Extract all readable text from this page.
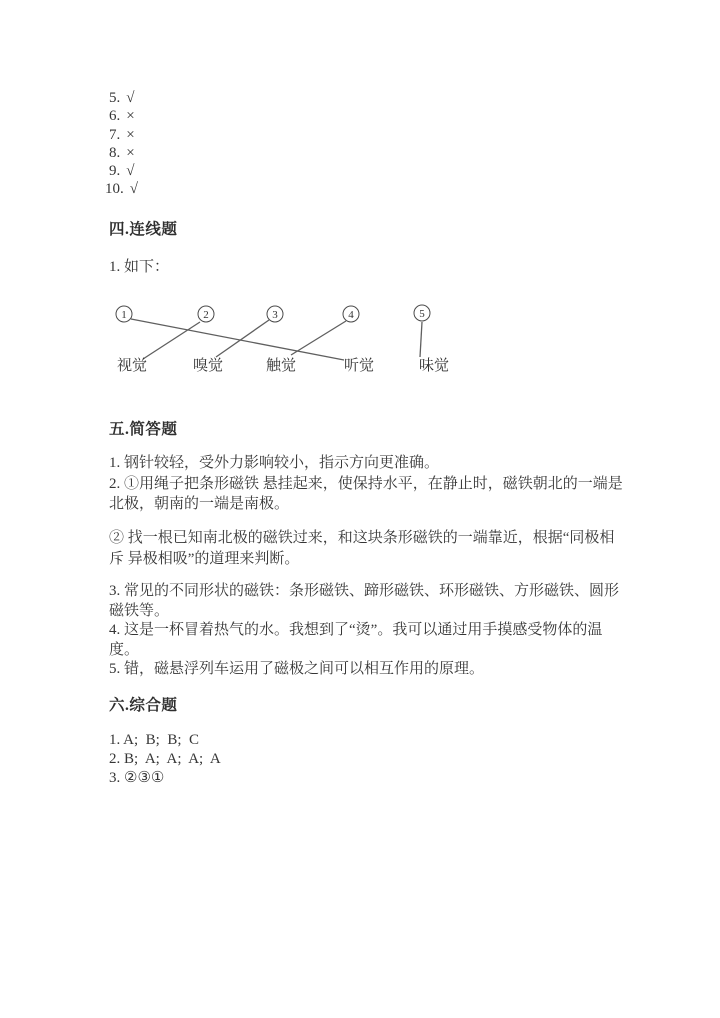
5. √
6. ×
7. ×
8. ×
9. √
10. √
四.连线题
1. 如下：
1	2	3	4	5
视觉	嗅觉	触觉	听觉	味觉
五.简答题
1. 钢针较轻，受外力影响较小，指示方向更准确。
2. ①用绳子把条形磁铁 悬挂起来，使保持水平，在静止时，磁铁朝北的一端是
北极，朝南的一端是南极。
② 找一根已知南北极的磁铁过来，和这块条形磁铁的一端靠近，根据“同极相
斥 异极相吸”的道理来判断。
3. 常见的不同形状的磁铁：条形磁铁、蹄形磁铁、环形磁铁、方形磁铁、圆形
磁铁等。
4. 这是一杯冒着热气的水。我想到了“烫”。我可以通过用手摸感受物体的温
度。
5. 错，磁悬浮列车运用了磁极之间可以相互作用的原理。
六.综合题
1. A;  B;  B;  C
2. B;  A;  A;  A;  A
3. ②③①
